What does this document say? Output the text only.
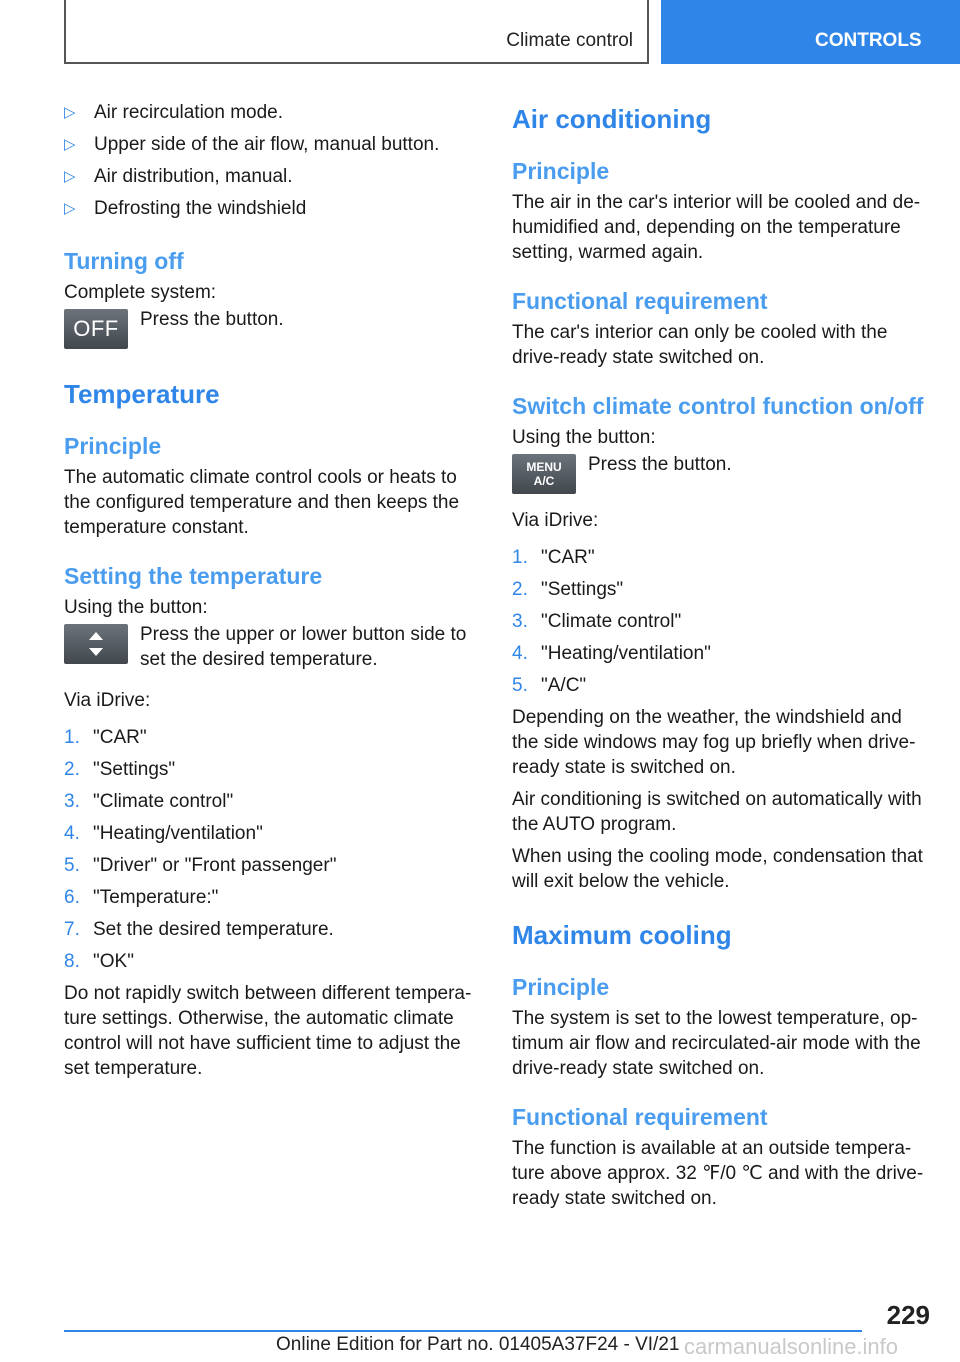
Climate control	CONTROLS
▷ Air recirculation mode.
▷ Upper side of the air flow, manual button.
▷ Air distribution, manual.
▷ Defrosting the windshield
Turning off

Complete system:

OFF	Press the button.

Temperature
Principle

The automatic climate control cools or heats to the configured temperature and then keeps the temperature constant.

Setting the temperature

Using the button:

Press the upper or lower button side to set the desired temperature.

Via iDrive:

1. "CAR"
2. "Settings"
3. "Climate control"
4. "Heating/ventilation"
5. "Driver" or "Front passenger"
6. "Temperature:"
7. Set the desired temperature.
8. "OK"

Do not rapidly switch between different tempera‐ture settings. Otherwise, the automatic climate control will not have sufficient time to adjust the set temperature.

Air conditioning
Principle

The air in the car's interior will be cooled and de‐humidified and, depending on the temperature setting, warmed again.

Functional requirement

The car's interior can only be cooled with the drive-ready state switched on.

Switch climate control function on/off

Using the button:

MENU
A/C

Press the button.

Via iDrive:

1. "CAR"
2. "Settings"
3. "Climate control"
4. "Heating/ventilation"
5. "A/C"

Depending on the weather, the windshield and the side windows may fog up briefly when drive-ready state is switched on.

Air conditioning is switched on automatically with the AUTO program.

When using the cooling mode, condensation that will exit below the vehicle.

Maximum cooling
Principle

The system is set to the lowest temperature, op‐timum air flow and recirculated-air mode with the drive-ready state switched on.

Functional requirement

The function is available at an outside tempera‐ture above approx. 32 ℉/0 ℃ and with the drive-ready state switched on.

229
Online Edition for Part no. 01405A37F24 - VI/21 carmanualsonline.info
